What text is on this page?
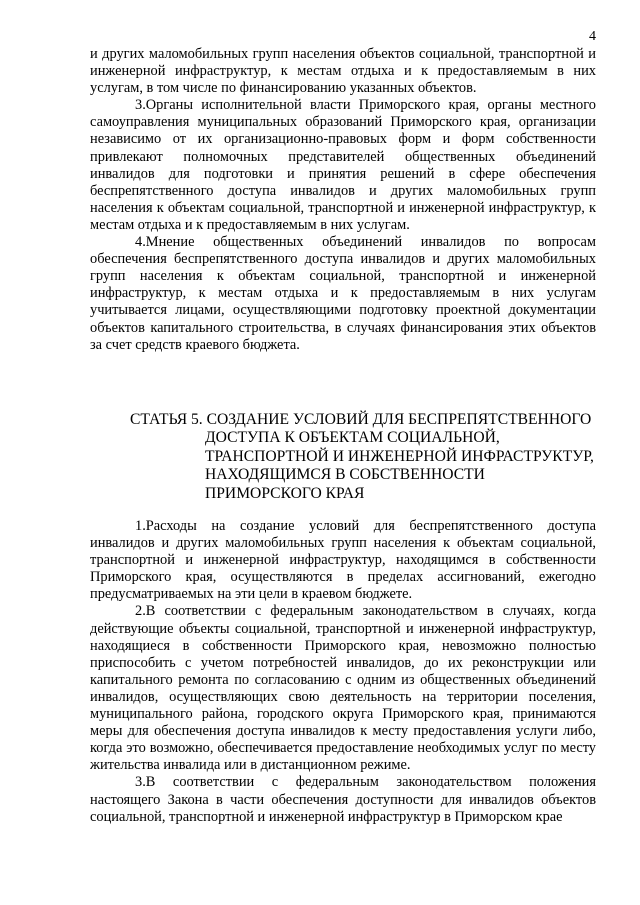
4

и других маломобильных групп населения объектов социальной, транспортной и инженерной инфраструктур, к местам отдыха и к предоставляемым в них услугам, в том числе по финансированию указанных объектов.

3.Органы исполнительной власти Приморского края, органы местного самоуправления муниципальных образований Приморского края, организации независимо от их организационно-правовых форм и форм собственности привлекают полномочных представителей общественных объединений инвалидов для подготовки и принятия решений в сфере обеспечения беспрепятственного доступа инвалидов и других маломобильных групп населения к объектам социальной, транспортной и инженерной инфраструктур, к местам отдыха и к предоставляемым в них услугам.

4.Мнение общественных объединений инвалидов по вопросам обеспечения беспрепятственного доступа инвалидов и других маломобильных групп населения к объектам социальной, транспортной и инженерной инфраструктур, к местам отдыха и к предоставляемым в них услугам учитывается лицами, осуществляющими подготовку проектной документации объектов капитального строительства, в случаях финансирования этих объектов за счет средств краевого бюджета.

СТАТЬЯ 5. СОЗДАНИЕ УСЛОВИЙ ДЛЯ БЕСПРЕПЯТСТВЕННОГО
ДОСТУПА К ОБЪЕКТАМ СОЦИАЛЬНОЙ,
ТРАНСПОРТНОЙ И ИНЖЕНЕРНОЙ ИНФРАСТРУКТУР,
НАХОДЯЩИМСЯ В СОБСТВЕННОСТИ
ПРИМОРСКОГО КРАЯ

1.Расходы на создание условий для беспрепятственного доступа инвалидов и других маломобильных групп населения к объектам социальной, транспортной и инженерной инфраструктур, находящимся в собственности Приморского края, осуществляются в пределах ассигнований, ежегодно предусматриваемых на эти цели в краевом бюджете.

2.В соответствии с федеральным законодательством в случаях, когда действующие объекты социальной, транспортной и инженерной инфраструктур, находящиеся в собственности Приморского края, невозможно полностью приспособить с учетом потребностей инвалидов, до их реконструкции или капитального ремонта по согласованию с одним из общественных объединений инвалидов, осуществляющих свою деятельность на территории поселения, муниципального района, городского округа Приморского края, принимаются меры для обеспечения доступа инвалидов к месту предоставления услуги либо, когда это возможно, обеспечивается предоставление необходимых услуг по месту жительства инвалида или в дистанционном режиме.

3.В соответствии с федеральным законодательством положения настоящего Закона в части обеспечения доступности для инвалидов объектов социальной, транспортной и инженерной инфраструктур в Приморском крае
